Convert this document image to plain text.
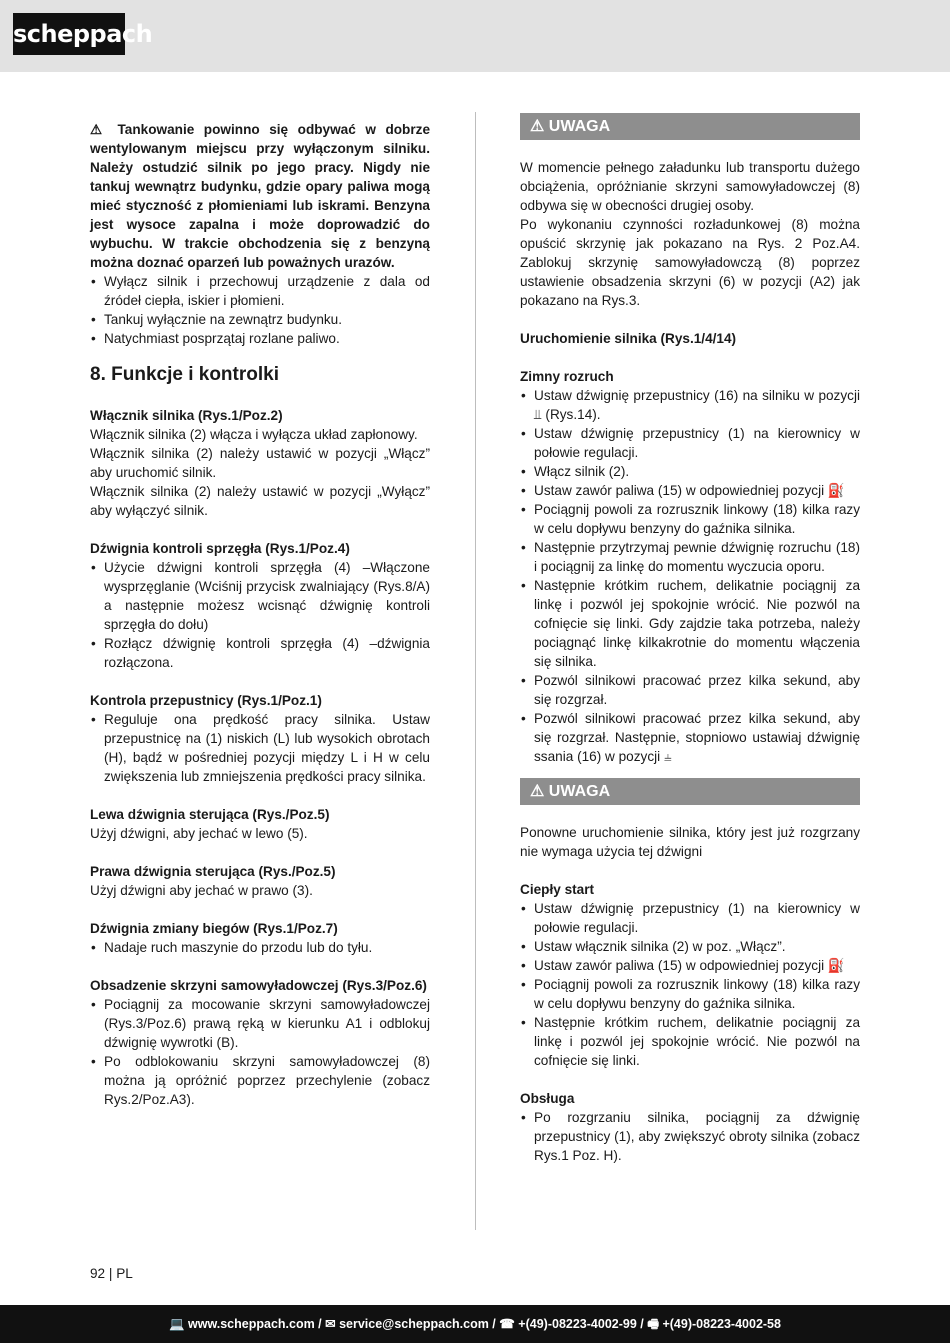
scheppach

⚠ Tankowanie powinno się odbywać w dobrze wentylowanym miejscu przy wyłączonym silniku. Należy ostudzić silnik po jego pracy. Nigdy nie tankuj wewnątrz budynku, gdzie opary paliwa mogą mieć styczność z płomieniami lub iskrami. Benzyna jest wysoce zapalna i może doprowadzić do wybuchu. W trakcie obchodzenia się z benzyną można doznać oparzeń lub poważnych urazów.

• Wyłącz silnik i przechowuj urządzenie z dala od źródeł ciepła, iskier i płomieni.
• Tankuj wyłącznie na zewnątrz budynku.
• Natychmiast posprzątaj rozlane paliwo.
8. Funkcje i kontrolki

Włącznik silnika (Rys.1/Poz.2)

Włącznik silnika (2) włącza i wyłącza układ zapłonowy.

Włącznik silnika (2) należy ustawić w pozycji „Włącz” aby uruchomić silnik.

Włącznik silnika (2) należy ustawić w pozycji „Wyłącz” aby wyłączyć silnik.

Dźwignia kontroli sprzęgła (Rys.1/Poz.4)

• Użycie dźwigni kontroli sprzęgła (4) –Włączone wysprzęglanie (Wciśnij przycisk zwalniający (Rys.8/A) a następnie możesz wcisnąć dźwignię kontroli sprzęgła do dołu)
• Rozłącz dźwignię kontroli sprzęgła (4) –dźwignia rozłączona.

Kontrola przepustnicy (Rys.1/Poz.1)

• Reguluje ona prędkość pracy silnika. Ustaw przepustnicę na (1) niskich (L) lub wysokich obrotach (H), bądź w pośredniej pozycji między L i H w celu zwiększenia lub zmniejszenia prędkości pracy silnika.

Lewa dźwignia sterująca (Rys./Poz.5)

Użyj dźwigni, aby jechać w lewo (5).

Prawa dźwignia sterująca (Rys./Poz.5)

Użyj dźwigni aby jechać w prawo (3).

Dźwignia zmiany biegów (Rys.1/Poz.7)

• Nadaje ruch maszynie do przodu lub do tyłu.

Obsadzenie skrzyni samowyładowczej (Rys.3/Poz.6)

• Pociągnij za mocowanie skrzyni samowyładowczej (Rys.3/Poz.6) prawą ręką w kierunku A1 i odblokuj dźwignię wywrotki (B).
• Po odblokowaniu skrzyni samowyładowczej (8) można ją opróżnić poprzez przechylenie (zobacz Rys.2/Poz.A3).
⚠ UWAGA

W momencie pełnego załadunku lub transportu dużego obciążenia, opróżnianie skrzyni samowyładowczej (8) odbywa się w obecności drugiej osoby.

Po wykonaniu czynności rozładunkowej (8) można opuścić skrzynię jak pokazano na Rys. 2 Poz.A4. Zablokuj skrzynię samowyładowczą (8) poprzez ustawienie obsadzenia skrzyni (6) w pozycji (A2) jak pokazano na Rys.3.

Uruchomienie silnika (Rys.1/4/14)

Zimny rozruch

• Ustaw dźwignię przepustnicy (16) na silniku w pozycji ⫫ (Rys.14).
• Ustaw dźwignię przepustnicy (1) na kierownicy w połowie regulacji.
• Włącz silnik (2).
• Ustaw zawór paliwa (15) w odpowiedniej pozycji ⛽
• Pociągnij powoli za rozrusznik linkowy (18) kilka razy w celu dopływu benzyny do gaźnika silnika.
• Następnie przytrzymaj pewnie dźwignię rozruchu (18) i pociągnij za linkę do momentu wyczucia oporu.
• Następnie krótkim ruchem, delikatnie pociągnij za linkę i pozwól jej spokojnie wrócić. Nie pozwól na cofnięcie się linki. Gdy zajdzie taka potrzeba, należy pociągnąć linkę kilkakrotnie do momentu włączenia się silnika.
• Pozwól silnikowi pracować przez kilka sekund, aby się rozgrzał.
• Pozwól silnikowi pracować przez kilka sekund, aby się rozgrzał. Następnie, stopniowo ustawiaj dźwignię ssania (16) w pozycji ⫨
⚠ UWAGA

Ponowne uruchomienie silnika, który jest już rozgrzany nie wymaga użycia tej dźwigni

Ciepły start

• Ustaw dźwignię przepustnicy (1) na kierownicy w połowie regulacji.
• Ustaw włącznik silnika (2) w poz. „Włącz”.
• Ustaw zawór paliwa (15) w odpowiedniej pozycji ⛽
• Pociągnij powoli za rozrusznik linkowy (18) kilka razy w celu dopływu benzyny do gaźnika silnika.
• Następnie krótkim ruchem, delikatnie pociągnij za linkę i pozwól jej spokojnie wrócić. Nie pozwól na cofnięcie się linki.

Obsługa

• Po rozgrzaniu silnika, pociągnij za dźwignię przepustnicy (1), aby zwiększyć obroty silnika (zobacz Rys.1 Poz. H).
92 | PL
💻 www.scheppach.com / ✉ service@scheppach.com / ☎ +(49)-08223-4002-99 / 🖷 +(49)-08223-4002-58
